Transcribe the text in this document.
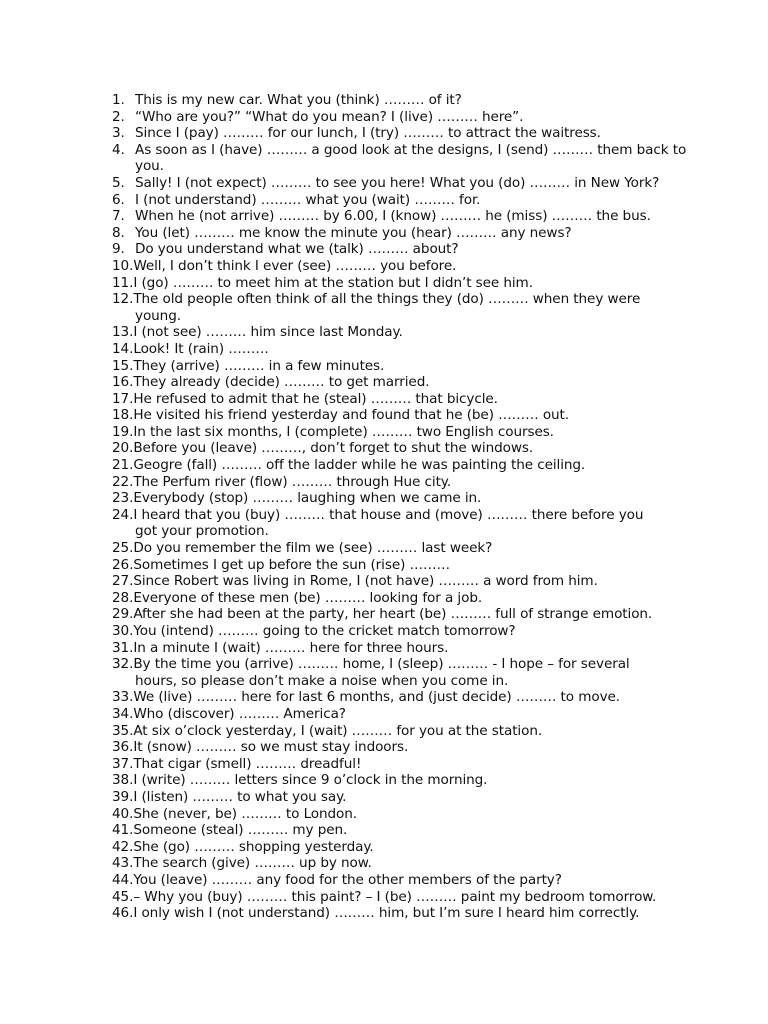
1. This is my new car. What you (think) ……… of it?
2. “Who are you?” “What do you mean? I (live) ……… here”.
3. Since I (pay) ……… for our lunch, I (try) ……… to attract the waitress.
4. As soon as I (have) ……… a good look at the designs, I (send) ……… them back to you.
5. Sally! I (not expect) ……… to see you here! What you (do) ……… in New York?
6. I (not understand) ……… what you (wait) ……… for.
7. When he (not arrive) ……… by 6.00, I (know) ……… he (miss) ……… the bus.
8. You (let) ……… me know the minute you (hear) ……… any news?
9. Do you understand what we (talk) ……… about?
10.Well, I don’t think I ever (see) ……… you before.
11.I (go) ……… to meet him at the station but I didn’t see him.
12.The old people often think of all the things they (do) ……… when they were
young.
13.I (not see) ……… him since last Monday.
14.Look! It (rain) ………
15.They (arrive) ……… in a few minutes.
16.They already (decide) ……… to get married.
17.He refused to admit that he (steal) ……… that bicycle.
18.He visited his friend yesterday and found that he (be) ……… out.
19.In the last six months, I (complete) ……… two English courses.
20.Before you (leave) ………, don’t forget to shut the windows.
21.Geogre (fall) ……… off the ladder while he was painting the ceiling.
22.The Perfum river (flow) ……… through Hue city.
23.Everybody (stop) ……… laughing when we came in.
24.I heard that you (buy) ……… that house and (move) ……… there before you
got your promotion.
25.Do you remember the film we (see) ……… last week?
26.Sometimes I get up before the sun (rise) ………
27.Since Robert was living in Rome, I (not have) ……… a word from him.
28.Everyone of these men (be) ……… looking for a job.
29.After she had been at the party, her heart (be) ……… full of strange emotion.
30.You (intend) ……… going to the cricket match tomorrow?
31.In a minute I (wait) ……… here for three hours.
32.By the time you (arrive) ……… home, I (sleep) ……… - I hope – for several
hours, so please don’t make a noise when you come in.
33.We (live) ……… here for last 6 months, and (just decide) ……… to move.
34.Who (discover) ……… America?
35.At six o’clock yesterday, I (wait) ……… for you at the station.
36.It (snow) ……… so we must stay indoors.
37.That cigar (smell) ……… dreadful!
38.I (write) ……… letters since 9 o’clock in the morning.
39.I (listen) ……… to what you say.
40.She (never, be) ……… to London.
41.Someone (steal) ……… my pen.
42.She (go) ……… shopping yesterday.
43.The search (give) ……… up by now.
44.You (leave) ……… any food for the other members of the party?
45.– Why you (buy) ……… this paint? – I (be) ……… paint my bedroom tomorrow.
46.I only wish I (not understand) ……… him, but I’m sure I heard him correctly.
